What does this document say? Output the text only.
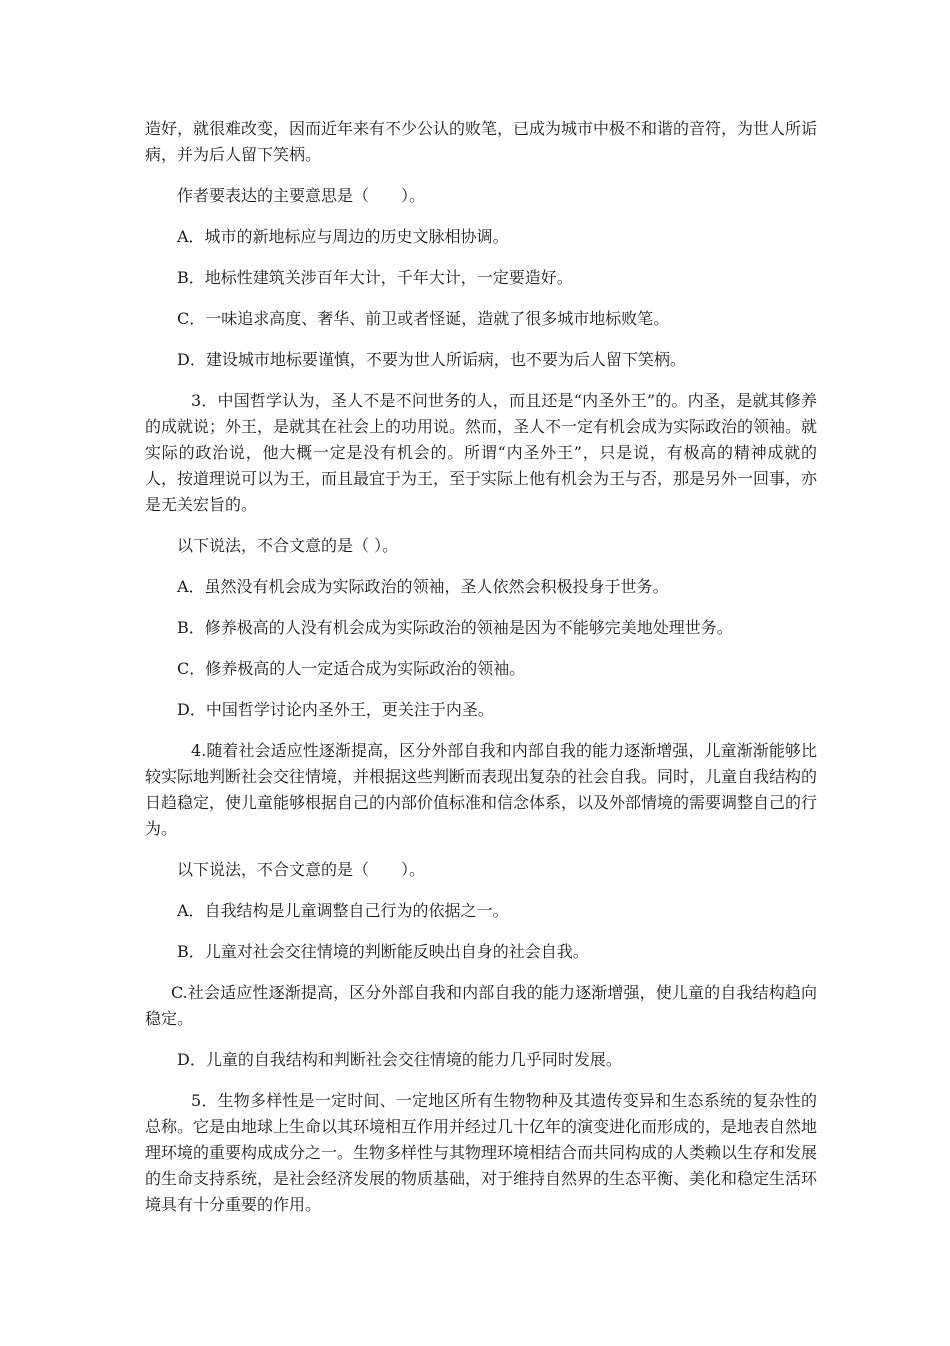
造好，就很难改变，因而近年来有不少公认的败笔，已成为城市中极不和谐的音符，为世人所诟病，并为后人留下笑柄。

作者要表达的主要意思是（　　）。

A．城市的新地标应与周边的历史文脉相协调。

B．地标性建筑关涉百年大计，千年大计，一定要造好。

C．一味追求高度、奢华、前卫或者怪诞，造就了很多城市地标败笔。

D．建设城市地标要谨慎，不要为世人所诟病，也不要为后人留下笑柄。

3．中国哲学认为，圣人不是不问世务的人，而且还是“内圣外王”的。内圣，是就其修养的成就说；外王，是就其在社会上的功用说。然而，圣人不一定有机会成为实际政治的领袖。就实际的政治说，他大概一定是没有机会的。所谓“内圣外王”，只是说，有极高的精神成就的人，按道理说可以为王，而且最宜于为王，至于实际上他有机会为王与否，那是另外一回事，亦是无关宏旨的。

以下说法，不合文意的是（ ）。

A．虽然没有机会成为实际政治的领袖，圣人依然会积极投身于世务。

B．修养极高的人没有机会成为实际政治的领袖是因为不能够完美地处理世务。

C．修养极高的人一定适合成为实际政治的领袖。

D．中国哲学讨论内圣外王，更关注于内圣。

4.随着社会适应性逐渐提高，区分外部自我和内部自我的能力逐渐增强，儿童渐渐能够比较实际地判断社会交往情境，并根据这些判断而表现出复杂的社会自我。同时，儿童自我结构的日趋稳定，使儿童能够根据自己的内部价值标准和信念体系，以及外部情境的需要调整自己的行为。

以下说法，不合文意的是（　　）。

A．自我结构是儿童调整自己行为的依据之一。

B．儿童对社会交往情境的判断能反映出自身的社会自我。

C.社会适应性逐渐提高，区分外部自我和内部自我的能力逐渐增强，使儿童的自我结构趋向稳定。

D．儿童的自我结构和判断社会交往情境的能力几乎同时发展。

5．生物多样性是一定时间、一定地区所有生物物种及其遗传变异和生态系统的复杂性的总称。它是由地球上生命以其环境相互作用并经过几十亿年的演变进化而形成的，是地表自然地理环境的重要构成成分之一。生物多样性与其物理环境相结合而共同构成的人类赖以生存和发展的生命支持系统，是社会经济发展的物质基础，对于维持自然界的生态平衡、美化和稳定生活环境具有十分重要的作用。
